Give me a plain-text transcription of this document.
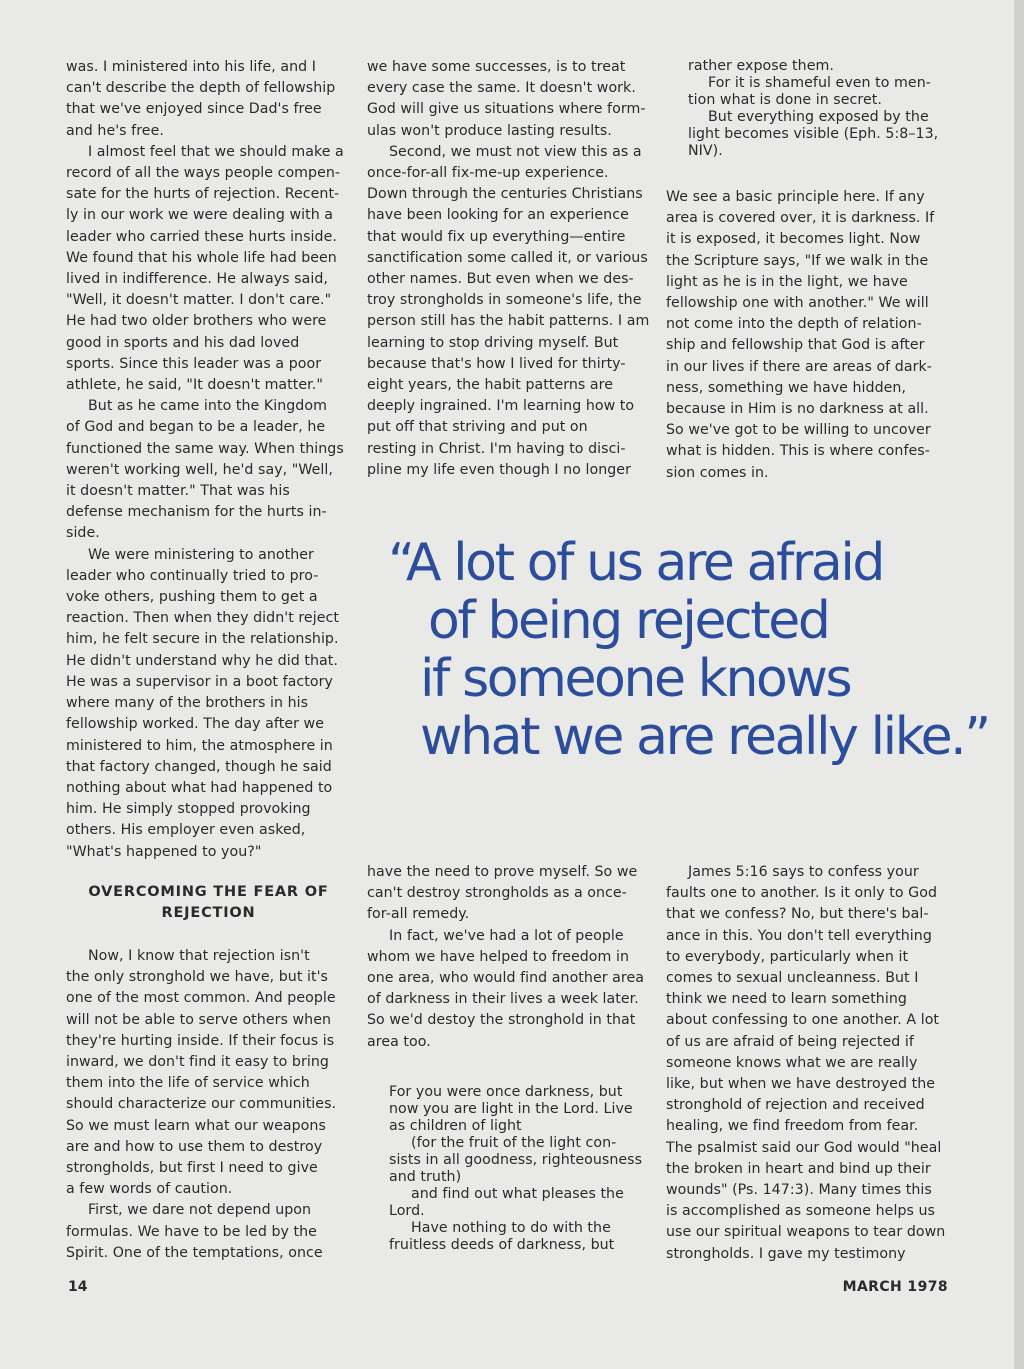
was. I ministered into his life, and I

can't describe the depth of fellowship

that we've enjoyed since Dad's free

and he's free.

I almost feel that we should make a

record of all the ways people compen-

sate for the hurts of rejection. Recent-

ly in our work we were dealing with a

leader who carried these hurts inside.

We found that his whole life had been

lived in indifference. He always said,

"Well, it doesn't matter. I don't care."

He had two older brothers who were

good in sports and his dad loved

sports. Since this leader was a poor

athlete, he said, "It doesn't matter."

But as he came into the Kingdom

of God and began to be a leader, he

functioned the same way. When things

weren't working well, he'd say, "Well,

it doesn't matter." That was his

defense mechanism for the hurts in-

side.

We were ministering to another

leader who continually tried to pro-

voke others, pushing them to get a

reaction. Then when they didn't reject

him, he felt secure in the relationship.

He didn't understand why he did that.

He was a supervisor in a boot factory

where many of the brothers in his

fellowship worked. The day after we

ministered to him, the atmosphere in

that factory changed, though he said

nothing about what had happened to

him. He simply stopped provoking

others. His employer even asked,

"What's happened to you?"

OVERCOMING THE FEAR OF
REJECTION

Now, I know that rejection isn't

the only stronghold we have, but it's

one of the most common. And people

will not be able to serve others when

they're hurting inside. If their focus is

inward, we don't find it easy to bring

them into the life of service which

should characterize our communities.

So we must learn what our weapons

are and how to use them to destroy

strongholds, but first I need to give

a few words of caution.

First, we dare not depend upon

formulas. We have to be led by the

Spirit. One of the temptations, once

we have some successes, is to treat

every case the same. It doesn't work.

God will give us situations where form-

ulas won't produce lasting results.

Second, we must not view this as a

once-for-all fix-me-up experience.

Down through the centuries Christians

have been looking for an experience

that would fix up everything—entire

sanctification some called it, or various

other names. But even when we des-

troy strongholds in someone's life, the

person still has the habit patterns. I am

learning to stop driving myself. But

because that's how I lived for thirty-

eight years, the habit patterns are

deeply ingrained. I'm learning how to

put off that striving and put on

resting in Christ. I'm having to disci-

pline my life even though I no longer

have the need to prove myself. So we

can't destroy strongholds as a once-

for-all remedy.

In fact, we've had a lot of people

whom we have helped to freedom in

one area, who would find another area

of darkness in their lives a week later.

So we'd destoy the stronghold in that

area too.

For you were once darkness, but

now you are light in the Lord. Live

as children of light

(for the fruit of the light con-

sists in all goodness, righteousness

and truth)

and find out what pleases the

Lord.

Have nothing to do with the

fruitless deeds of darkness, but

rather expose them.

For it is shameful even to men-

tion what is done in secret.

But everything exposed by the

light becomes visible (Eph. 5:8–13,

NIV).

We see a basic principle here. If any

area is covered over, it is darkness. If

it is exposed, it becomes light. Now

the Scripture says, "If we walk in the

light as he is in the light, we have

fellowship one with another." We will

not come into the depth of relation-

ship and fellowship that God is after

in our lives if there are areas of dark-

ness, something we have hidden,

because in Him is no darkness at all.

So we've got to be willing to uncover

what is hidden. This is where confes-

sion comes in.

James 5:16 says to confess your

faults one to another. Is it only to God

that we confess? No, but there's bal-

ance in this. You don't tell everything

to everybody, particularly when it

comes to sexual uncleanness. But I

think we need to learn something

about confessing to one another. A lot

of us are afraid of being rejected if

someone knows what we are really

like, but when we have destroyed the

stronghold of rejection and received

healing, we find freedom from fear.

The psalmist said our God would "heal

the broken in heart and bind up their

wounds" (Ps. 147:3). Many times this

is accomplished as someone helps us

use our spiritual weapons to tear down

strongholds. I gave my testimony

“A lot of us are afraid
of being rejected
if someone knows
what we are really like.”
14	MARCH 1978
